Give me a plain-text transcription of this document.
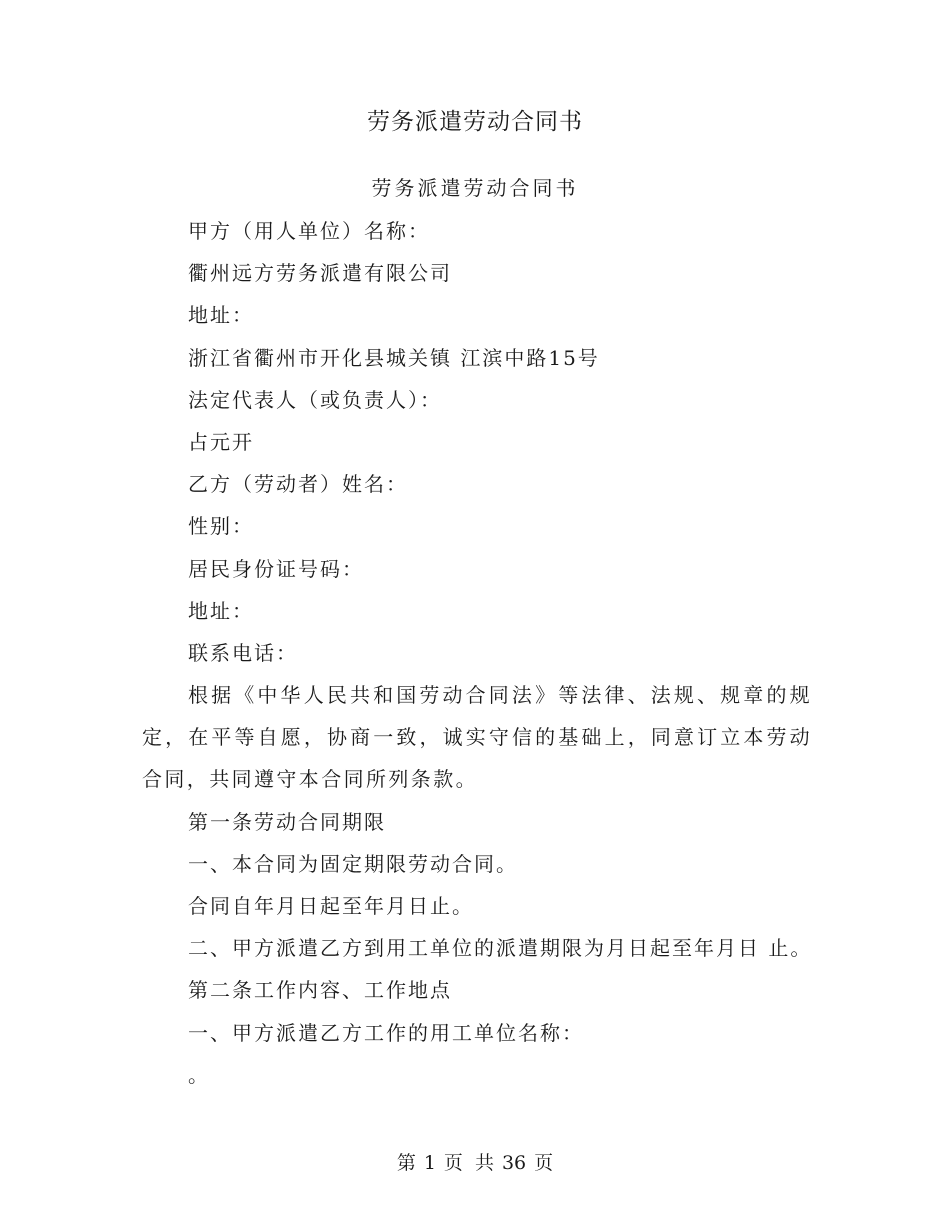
劳务派遣劳动合同书
劳务派遣劳动合同书
甲方（用人单位）名称：
衢州远方劳务派遣有限公司
地址：
浙江省衢州市开化县城关镇 江滨中路15号
法定代表人（或负责人）：
占元开
乙方（劳动者）姓名：
性别：
居民身份证号码：
地址：
联系电话：
根据《中华人民共和国劳动合同法》等法律、法规、规章的规定，在平等自愿，协商一致，诚实守信的基础上，同意订立本劳动合同，共同遵守本合同所列条款。
第一条劳动合同期限
一、本合同为固定期限劳动合同。
合同自年月日起至年月日止。
二、甲方派遣乙方到用工单位的派遣期限为月日起至年月日 止。
第二条工作内容、工作地点
一、甲方派遣乙方工作的用工单位名称：
。
第 1 页 共 36 页
